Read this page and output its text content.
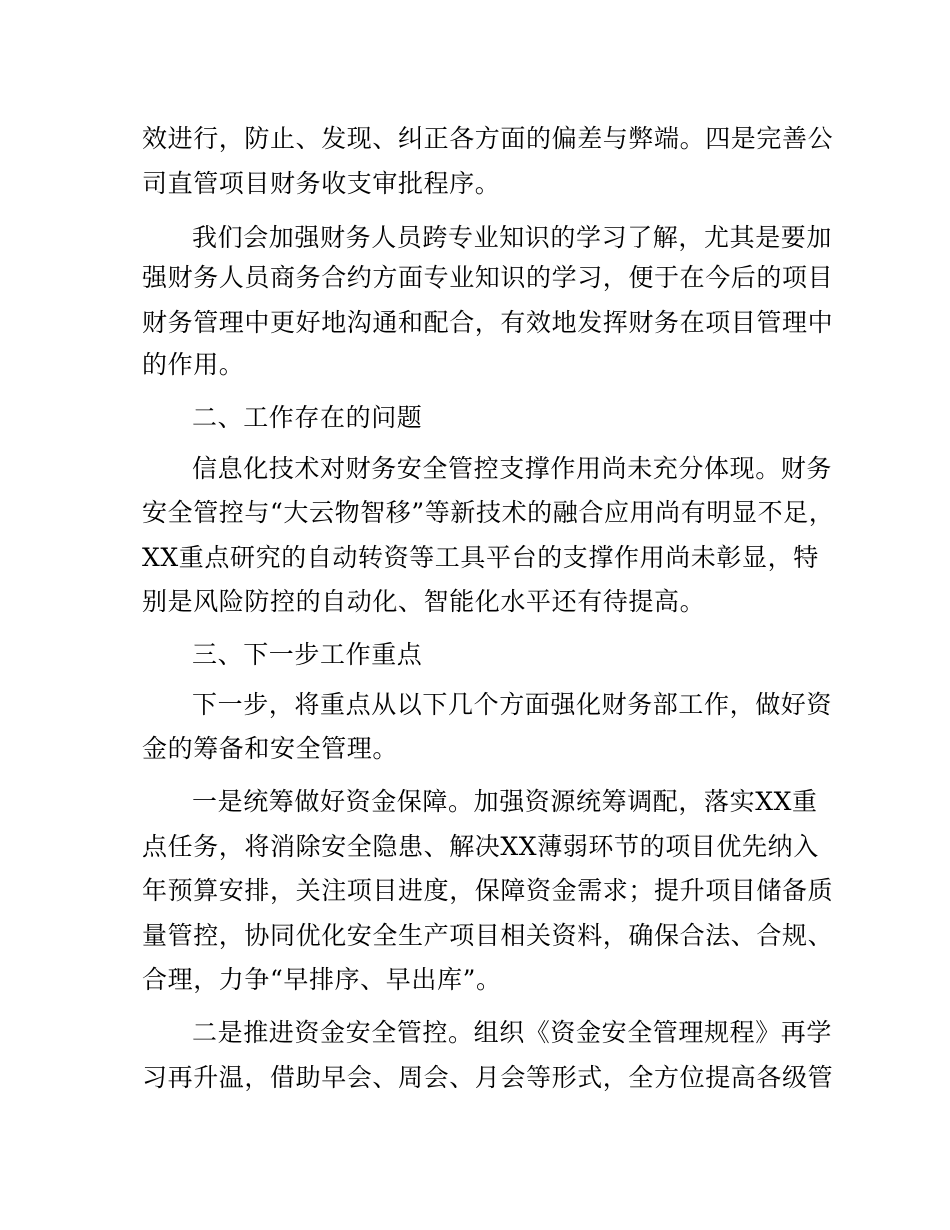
效进行，防止、发现、纠正各方面的偏差与弊端。四是完善公
司直管项目财务收支审批程序。
我们会加强财务人员跨专业知识的学习了解，尤其是要加
强财务人员商务合约方面专业知识的学习，便于在今后的项目
财务管理中更好地沟通和配合，有效地发挥财务在项目管理中
的作用。
二、工作存在的问题
信息化技术对财务安全管控支撑作用尚未充分体现。财务
安全管控与“大云物智移”等新技术的融合应用尚有明显不足，
XX重点研究的自动转资等工具平台的支撑作用尚未彰显，特
别是风险防控的自动化、智能化水平还有待提高。
三、下一步工作重点
下一步，将重点从以下几个方面强化财务部工作，做好资
金的筹备和安全管理。
一是统筹做好资金保障。加强资源统筹调配，落实XX重
点任务，将消除安全隐患、解决XX薄弱环节的项目优先纳入
年预算安排，关注项目进度，保障资金需求；提升项目储备质
量管控，协同优化安全生产项目相关资料，确保合法、合规、
合理，力争“早排序、早出库”。
二是推进资金安全管控。组织《资金安全管理规程》再学
习再升温，借助早会、周会、月会等形式，全方位提高各级管
